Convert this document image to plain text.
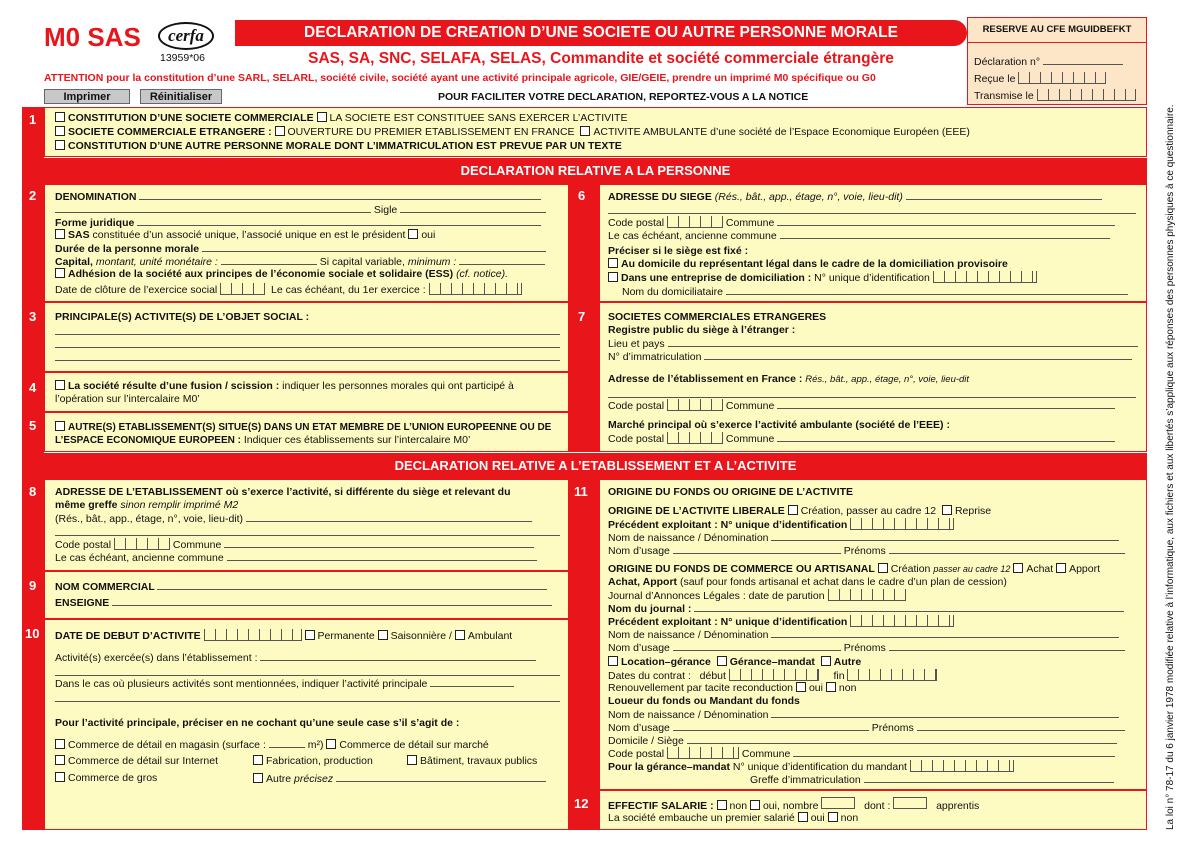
M0 SAS	cerfa
13959*06
DECLARATION DE CREATION D’UNE SOCIETE OU AUTRE PERSONNE MORALE
SAS, SA, SNC, SELAFA, SELAS, Commandite et société commerciale étrangère
ATTENTION pour la constitution d’une SARL, SELARL, société civile, société ayant une activité principale agricole, GIE/GEIE, prendre un imprimé M0 spécifique ou G0
Imprimer	Réinitialiser	POUR FACILITER VOTRE DECLARATION, REPORTEZ-VOUS A LA NOTICE
RESERVE AU CFE MGUIDBEFKT
Déclaration n°
Reçue le
Transmise le
La loi n° 78-17 du 6 janvier 1978 modifiée relative à l’informatique, aux fichiers et aux libertés s’applique aux réponses des personnes physiques à ce questionnaire.
1
2
3
4
5
8
9
10
CONSTITUTION D’UNE SOCIETE COMMERCIALE LA SOCIETE EST CONSTITUEE SANS EXERCER L’ACTIVITE
SOCIETE COMMERCIALE ETRANGERE : OUVERTURE DU PREMIER ETABLISSEMENT EN FRANCE ACTIVITE AMBULANTE d’une société de l’Espace Economique Européen (EEE)
CONSTITUTION D’UNE AUTRE PERSONNE MORALE DONT L’IMMATRICULATION EST PREVUE PAR UN TEXTE
DECLARATION RELATIVE A LA PERSONNE
DENOMINATION
Sigle
Forme juridique
SAS constituée d’un associé unique, l’associé unique en est le président oui
Durée de la personne morale
Capital, montant, unité monétaire :	Si capital variable, minimum :
Adhésion de la société aux principes de l’économie sociale et solidaire (ESS) (cf. notice).
Date de clôture de l’exercice social	Le cas échéant, du 1er exercice :
PRINCIPALE(S) ACTIVITE(S) DE L’OBJET SOCIAL :
La société résulte d’une fusion / scission : indiquer les personnes morales qui ont participé à
l’opération sur l’intercalaire M0’
AUTRE(S) ETABLISSEMENT(S) SITUE(S) DANS UN ETAT MEMBRE DE L’UNION EUROPEENNE OU DE
L’ESPACE ECONOMIQUE EUROPEEN : Indiquer ces établissements sur l’intercalaire M0’
6
7
ADRESSE DU SIEGE (Rés., bât., app., étage, n°, voie, lieu-dit)
Code postal	Commune
Le cas échéant, ancienne commune
Préciser si le siège est fixé :
Au domicile du représentant légal dans le cadre de la domiciliation provisoire
Dans une entreprise de domiciliation : N° unique d’identification
Nom du domiciliataire
SOCIETES COMMERCIALES ETRANGERES
Registre public du siège à l’étranger :
Lieu et pays
N° d’immatriculation
Adresse de l’établissement en France : Rés., bât., app., étage, n°, voie, lieu-dit
Code postal	Commune
Marché principal où s’exerce l’activité ambulante (société de l’EEE) :
Code postal	Commune
DECLARATION RELATIVE A L’ETABLISSEMENT ET A L’ACTIVITE
ADRESSE DE L’ETABLISSEMENT où s’exerce l’activité, si différente du siège et relevant du
même greffe sinon remplir imprimé M2
(Rés., bât., app., étage, n°, voie, lieu-dit)
Code postal	Commune
Le cas échéant, ancienne commune
NOM COMMERCIAL
ENSEIGNE
DATE DE DEBUT D’ACTIVITE	Permanente Saisonnière / Ambulant
Activité(s) exercée(s) dans l’établissement :
Dans le cas où plusieurs activités sont mentionnées, indiquer l’activité principale
Pour l’activité principale, préciser en ne cochant qu’une seule case s’il s’agit de :
Commerce de détail en magasin (surface :	m²) Commerce de détail sur marché
Commerce de détail sur Internet	Fabrication, production	Bâtiment, travaux publics
Commerce de gros	Autre précisez
11
12
ORIGINE DU FONDS OU ORIGINE DE L’ACTIVITE
ORIGINE DE L’ACTIVITE LIBERALE Création, passer au cadre 12 Reprise
Précédent exploitant : N° unique d’identification
Nom de naissance / Dénomination
Nom d’usage	Prénoms
ORIGINE DU FONDS DE COMMERCE OU ARTISANAL Création passer au cadre 12 Achat Apport
Achat, Apport (sauf pour fonds artisanal et achat dans le cadre d’un plan de cession)
Journal d’Annonces Légales : date de parution
Nom du journal :
Précédent exploitant : N° unique d’identification
Nom de naissance / Dénomination
Nom d’usage	Prénoms
Location–gérance Gérance–mandat Autre
Dates du contrat : début	fin
Renouvellement par tacite reconduction oui non
Loueur du fonds ou Mandant du fonds
Nom de naissance / Dénomination
Nom d’usage	Prénoms
Domicile / Siège
Code postal	Commune
Pour la gérance–mandat N° unique d’identification du mandant
Greffe d’immatriculation
EFFECTIF SALARIE : non oui, nombre	dont :	apprentis
La société embauche un premier salarié oui non
